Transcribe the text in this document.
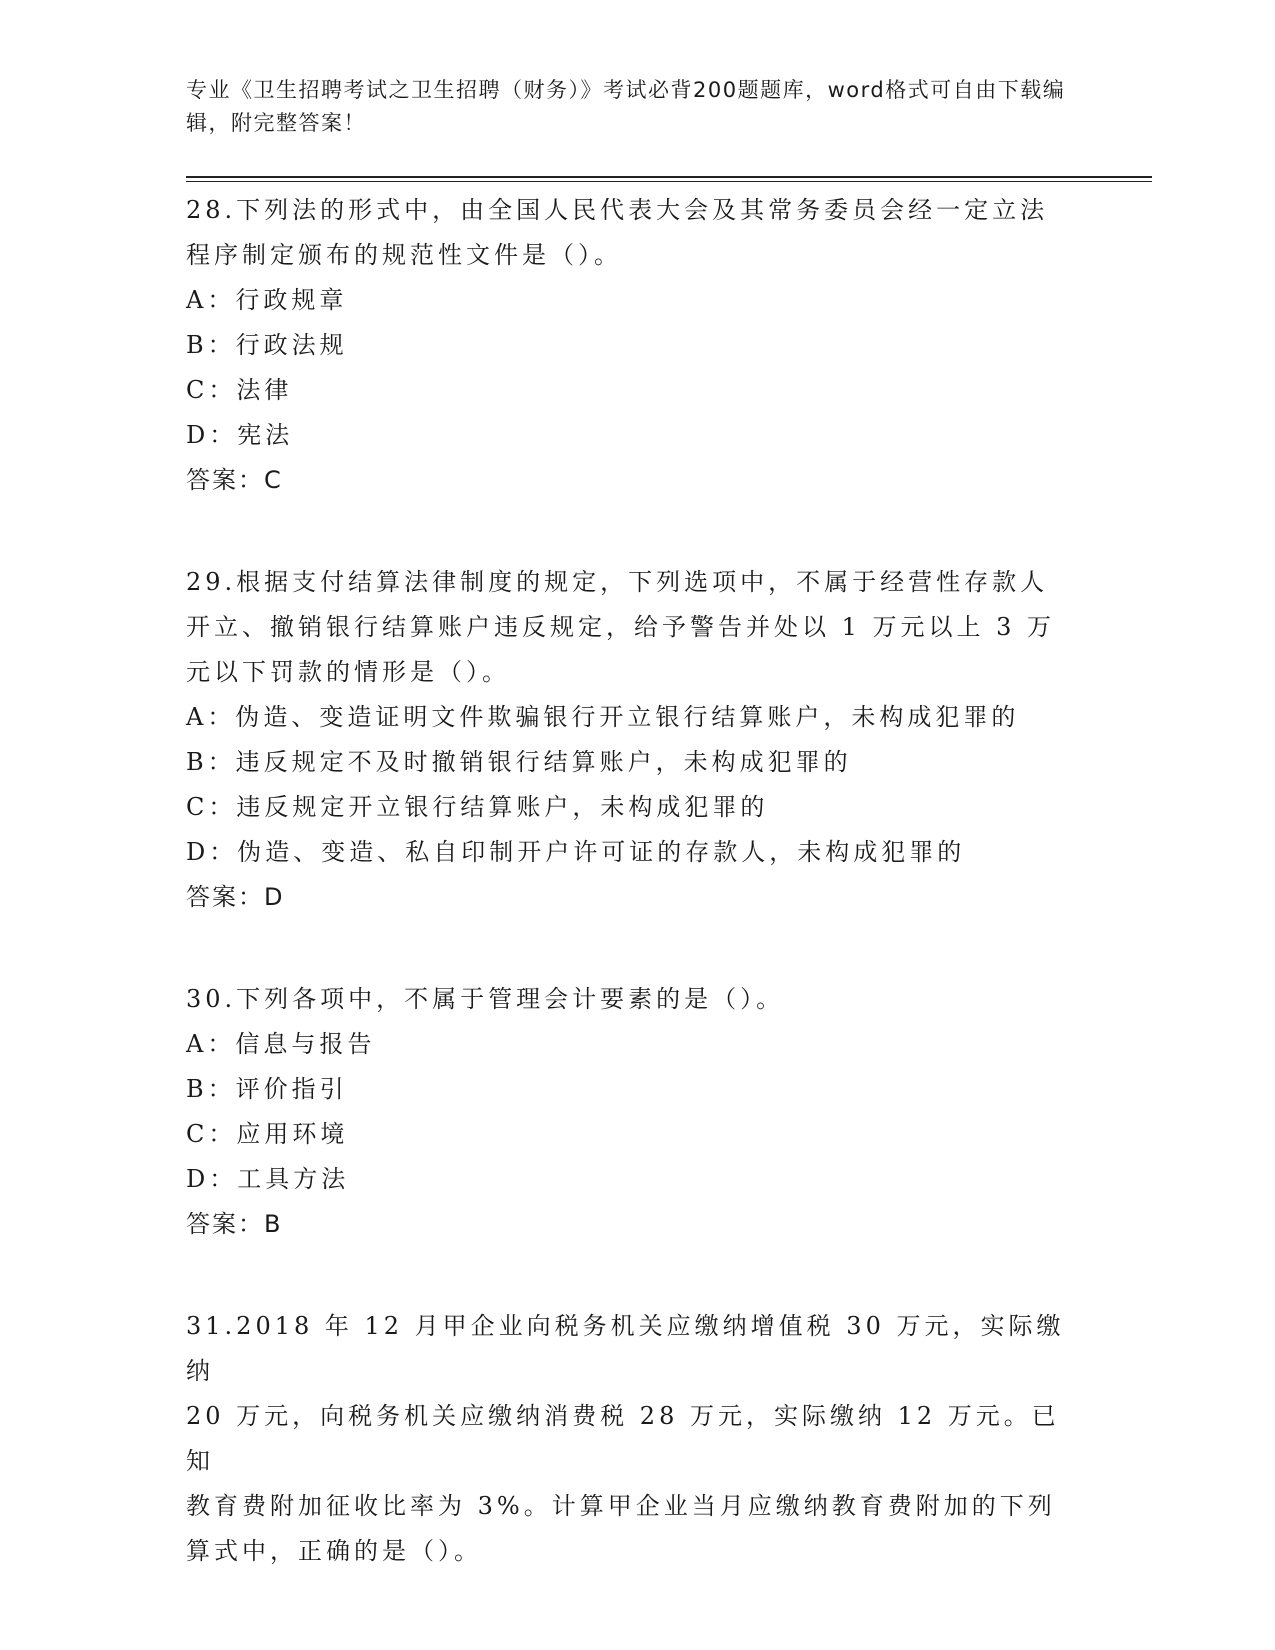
专业《卫生招聘考试之卫生招聘（财务）》考试必背200题题库，word格式可自由下载编辑，附完整答案！
28.下列法的形式中，由全国人民代表大会及其常务委员会经一定立法
程序制定颁布的规范性文件是（）。
A：行政规章
B：行政法规
C：法律
D：宪法
答案：C
29.根据支付结算法律制度的规定，下列选项中，不属于经营性存款人
开立、撤销银行结算账户违反规定，给予警告并处以 1 万元以上 3 万
元以下罚款的情形是（）。
A：伪造、变造证明文件欺骗银行开立银行结算账户，未构成犯罪的
B：违反规定不及时撤销银行结算账户，未构成犯罪的
C：违反规定开立银行结算账户，未构成犯罪的
D：伪造、变造、私自印制开户许可证的存款人，未构成犯罪的
答案：D
30.下列各项中，不属于管理会计要素的是（）。
A：信息与报告
B：评价指引
C：应用环境
D：工具方法
答案：B
31.2018 年 12 月甲企业向税务机关应缴纳增值税 30 万元，实际缴纳
20 万元，向税务机关应缴纳消费税 28 万元，实际缴纳 12 万元。已知
教育费附加征收比率为 3%。计算甲企业当月应缴纳教育费附加的下列
算式中，正确的是（）。
